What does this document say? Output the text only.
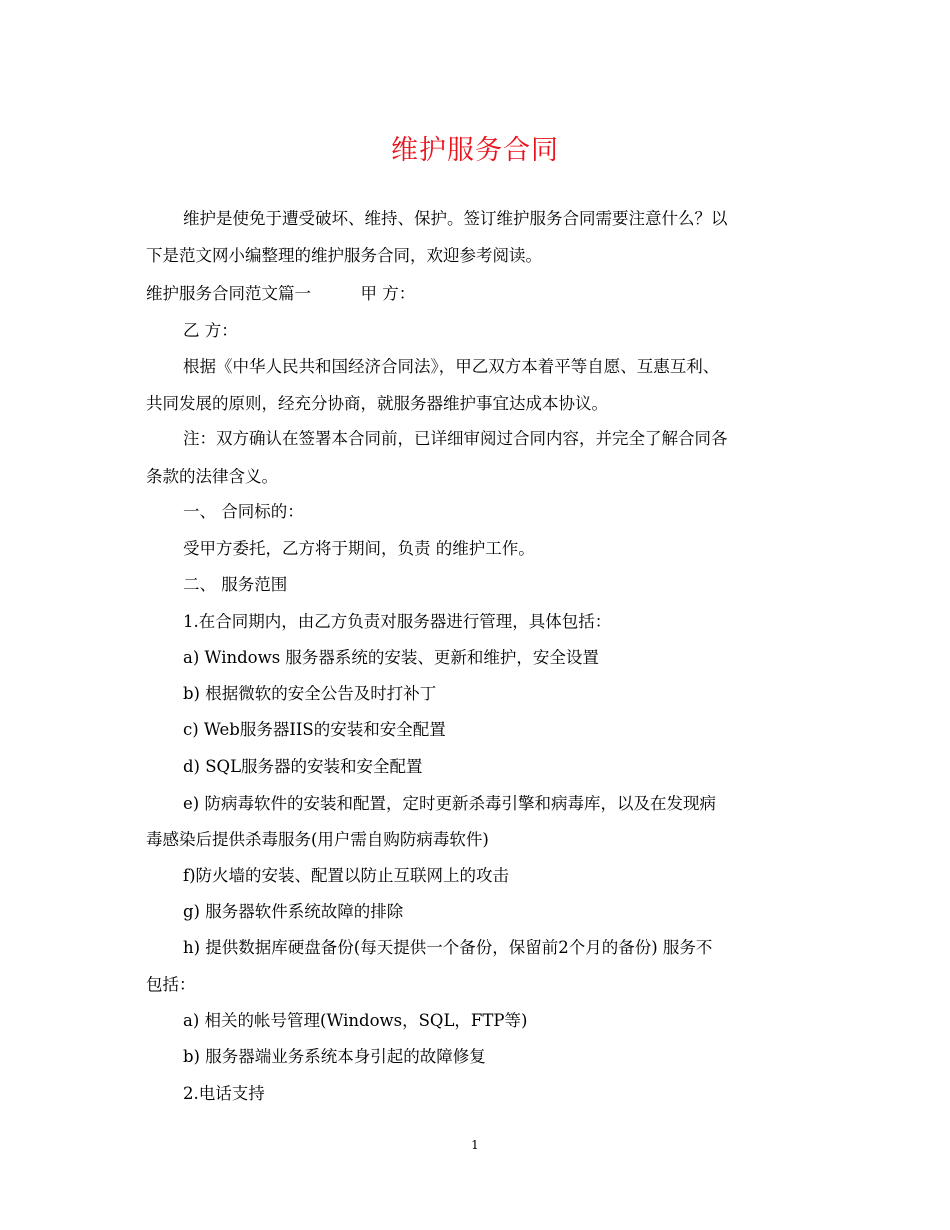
维护服务合同
维护是使免于遭受破坏、维持、保护。签订维护服务合同需要注意什么？以
下是范文网小编整理的维护服务合同，欢迎参考阅读。
维护服务合同范文篇一　　　甲 方：
乙 方：
根据《中华人民共和国经济合同法》，甲乙双方本着平等自愿、互惠互利、
共同发展的原则，经充分协商，就服务器维护事宜达成本协议。
注：双方确认在签署本合同前，已详细审阅过合同内容，并完全了解合同各
条款的法律含义。
一、 合同标的：
受甲方委托，乙方将于期间，负责 的维护工作。
二、 服务范围
1.在合同期内，由乙方负责对服务器进行管理，具体包括：
a) Windows 服务器系统的安装、更新和维护，安全设置
b) 根据微软的安全公告及时打补丁
c) Web服务器IIS的安装和安全配置
d) SQL服务器的安装和安全配置
e) 防病毒软件的安装和配置，定时更新杀毒引擎和病毒库，以及在发现病
毒感染后提供杀毒服务(用户需自购防病毒软件)
f)防火墙的安装、配置以防止互联网上的攻击
g) 服务器软件系统故障的排除
h) 提供数据库硬盘备份(每天提供一个备份，保留前2个月的备份) 服务不
包括：
a) 相关的帐号管理(Windows，SQL，FTP等)
b) 服务器端业务系统本身引起的故障修复
2.电话支持
1
